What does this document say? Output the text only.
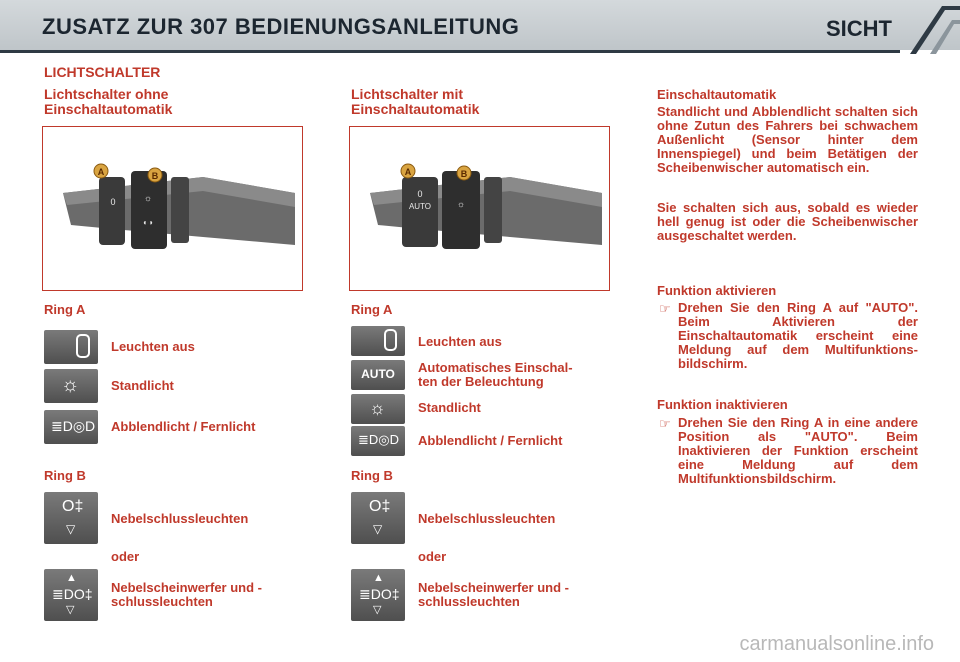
ZUSATZ ZUR 307 BEDIENUNGSANLEITUNG	SICHT
LICHTSCHALTER
Lichtschalter ohne
Einschaltautomatik
0	☼
◐◑
A	B
Ring A
Leuchten aus
☼ Standlicht
≣D◎D Abblendlicht / Fernlicht
Ring B
O‡
▽
Nebelschlussleuchten
oder
▲
≣DO‡
▽
Nebelscheinwerfer und -
schlussleuchten
Lichtschalter mit
Einschaltautomatik
0
AUTO	☼
A	B
Ring A
Leuchten aus
AUTO	Automatisches Einschal-
ten der Beleuchtung
☼	Standlicht
≣D◎D Abblendlicht / Fernlicht
Ring B
O‡
▽
Nebelschlussleuchten
oder
▲
≣DO‡
▽
Nebelscheinwerfer und -
schlussleuchten
Einschaltautomatik
Standlicht und Abblendlicht schalten sich ohne Zutun des Fahrers bei schwachem Außenlicht (Sensor hinter dem Innenspiegel) und beim Betätigen der Scheibenwischer automatisch ein.
Sie schalten sich aus, sobald es wieder hell genug ist oder die Scheibenwischer ausgeschaltet werden.
Funktion aktivieren
☞ Drehen Sie den Ring A auf "AUTO". Beim Aktivieren der Einschaltautomatik erscheint eine Meldung auf dem Multifunktions-bildschirm.
Funktion inaktivieren
☞ Drehen Sie den Ring A in eine andere Position als "AUTO". Beim Inaktivieren der Funktion erscheint eine Meldung auf dem Multifunktionsbildschirm.
carmanualsonline.info
